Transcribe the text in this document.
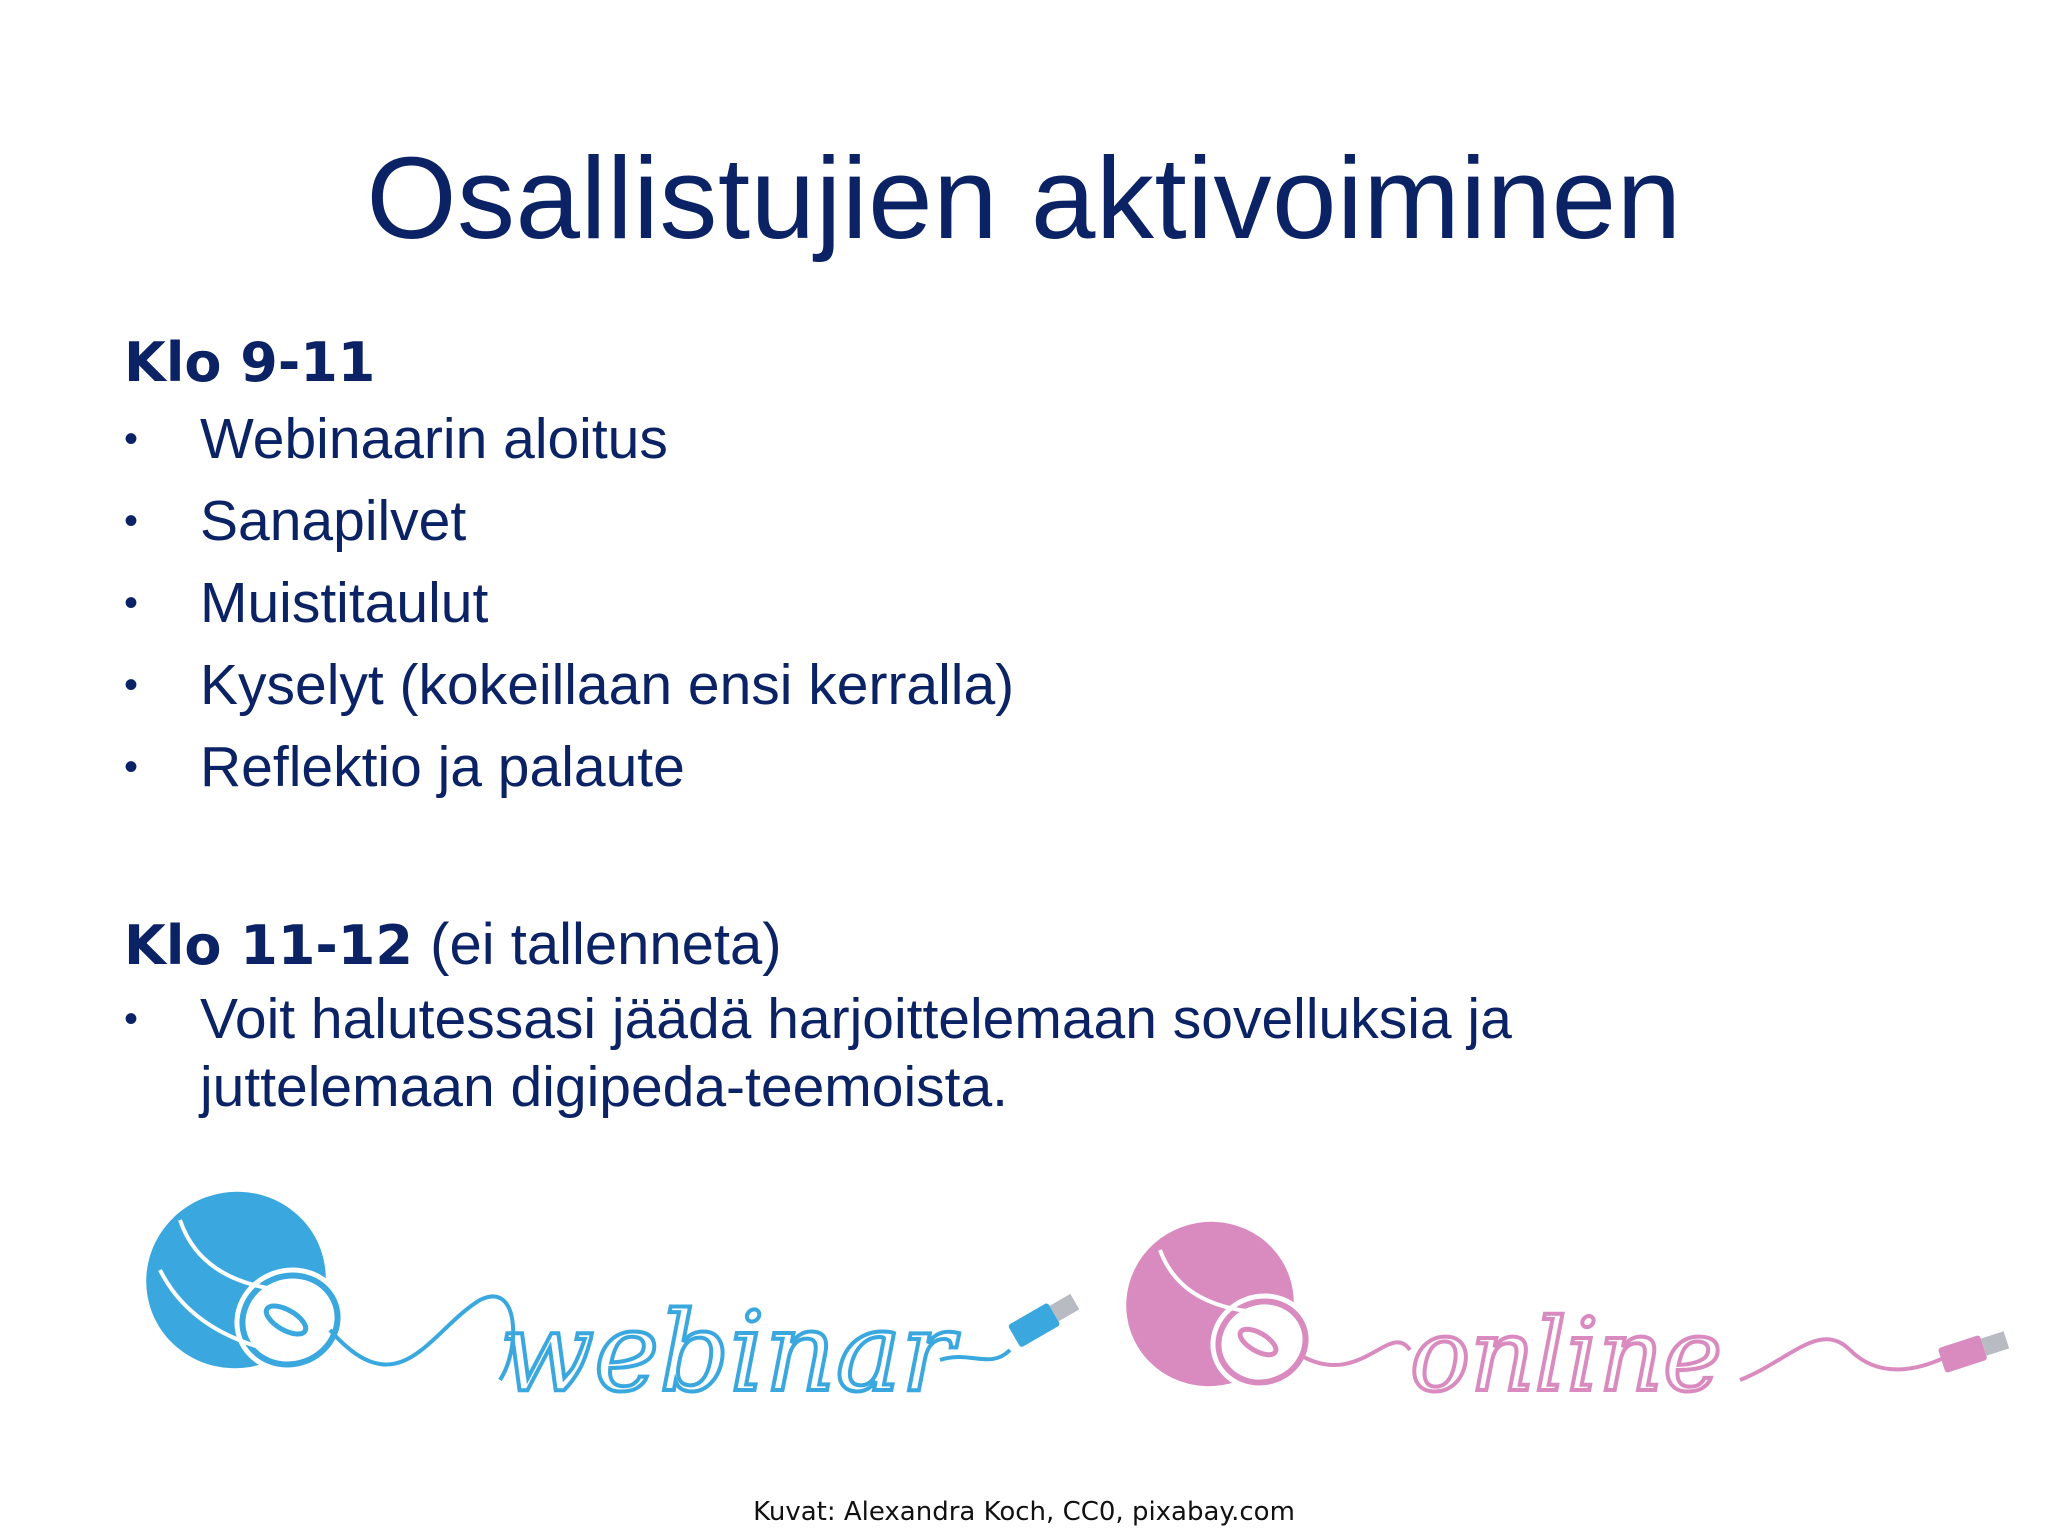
Osallistujien aktivoiminen
Klo 9-11
• Webinaarin aloitus
• Sanapilvet
• Muistitaulut
• Kyselyt (kokeillaan ensi kerralla)
• Reflektio ja palaute
Klo 11-12 (ei tallenneta)
• Voit halutessasi jäädä harjoittelemaan sovelluksia ja juttelemaan digipeda-teemoista.
webinar	online
Kuvat: Alexandra Koch, CC0, pixabay.com
